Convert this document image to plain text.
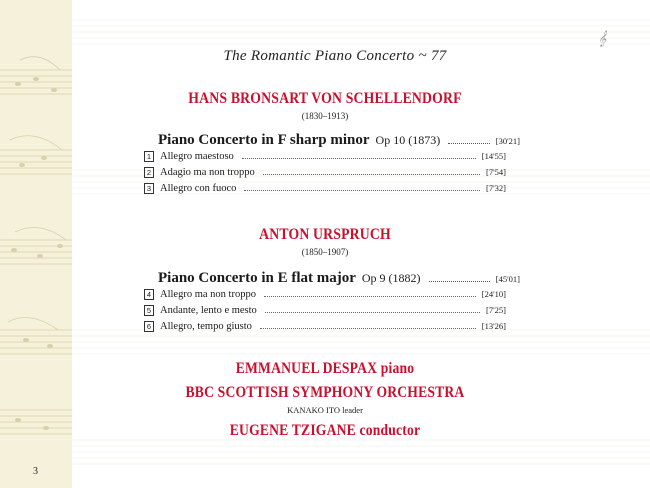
𝄞
The Romantic Piano Concerto ~ 77
HANS BRONSART VON SCHELLENDORF
(1830–1913)
Piano Concerto in F sharp minor Op 10 (1873)	[30'21]
1 Allegro maestoso	[14'55]
2 Adagio ma non troppo	[7'54]
3 Allegro con fuoco	[7'32]
ANTON URSPRUCH
(1850–1907)
Piano Concerto in E flat major Op 9 (1882)	[45'01]
4 Allegro ma non troppo	[24'10]
5 Andante, lento e mesto	[7'25]
6 Allegro, tempo giusto	[13'26]
EMMANUEL DESPAX piano
BBC SCOTTISH SYMPHONY ORCHESTRA
KANAKO ITO leader
EUGENE TZIGANE conductor
3
